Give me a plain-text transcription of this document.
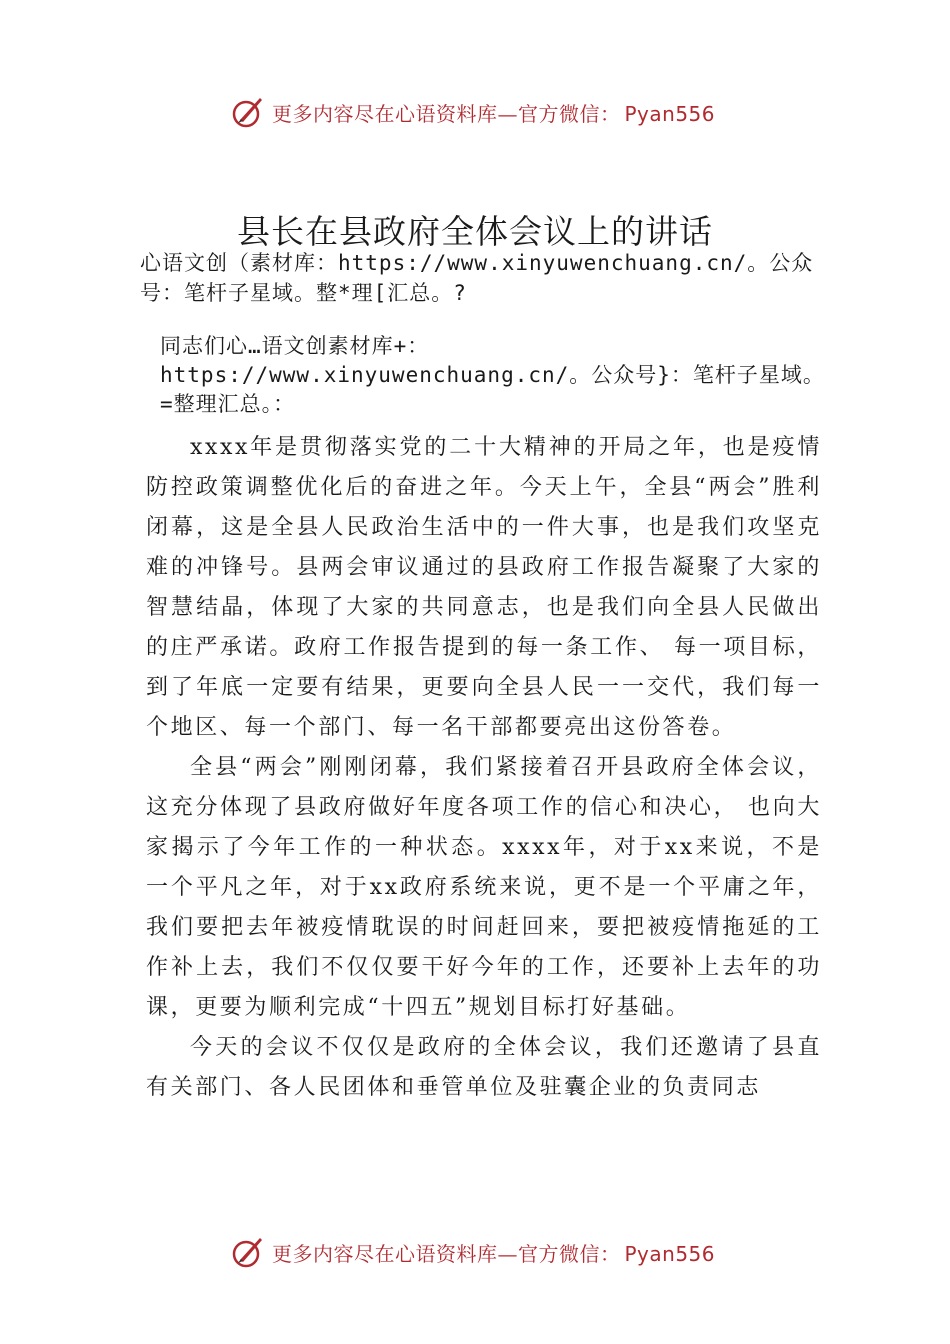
更多内容尽在心语资料库—官方微信： Pyan556
县长在县政府全体会议上的讲话

心语文创（素材库：https://www.xinyuwenchuang.cn/。公众号：笔杆子星域。整*理[汇总。?

同志们心…语文创素材库+：https://www.xinyuwenchuang.cn/。公众号}：笔杆子星域。=整理汇总。：

xxxx年是贯彻落实党的二十大精神的开局之年，也是疫情防控政策调整优化后的奋进之年。今天上午，全县“两会”胜利闭幕，这是全县人民政治生活中的一件大事，也是我们攻坚克难的冲锋号。县两会审议通过的县政府工作报告凝聚了大家的智慧结晶，体现了大家的共同意志，也是我们向全县人民做出的庄严承诺。政府工作报告提到的每一条工作、 每一项目标，到了年底一定要有结果，更要向全县人民一一交代，我们每一个地区、每一个部门、每一名干部都要亮出这份答卷。

全县“两会”刚刚闭幕，我们紧接着召开县政府全体会议，这充分体现了县政府做好年度各项工作的信心和决心， 也向大家揭示了今年工作的一种状态。xxxx年，对于xx来说，不是一个平凡之年，对于xx政府系统来说，更不是一个平庸之年，我们要把去年被疫情耽误的时间赶回来，要把被疫情拖延的工作补上去，我们不仅仅要干好今年的工作，还要补上去年的功课，更要为顺利完成“十四五”规划目标打好基础。

今天的会议不仅仅是政府的全体会议，我们还邀请了县直有关部门、各人民团体和垂管单位及驻囊企业的负责同志

更多内容尽在心语资料库—官方微信： Pyan556
